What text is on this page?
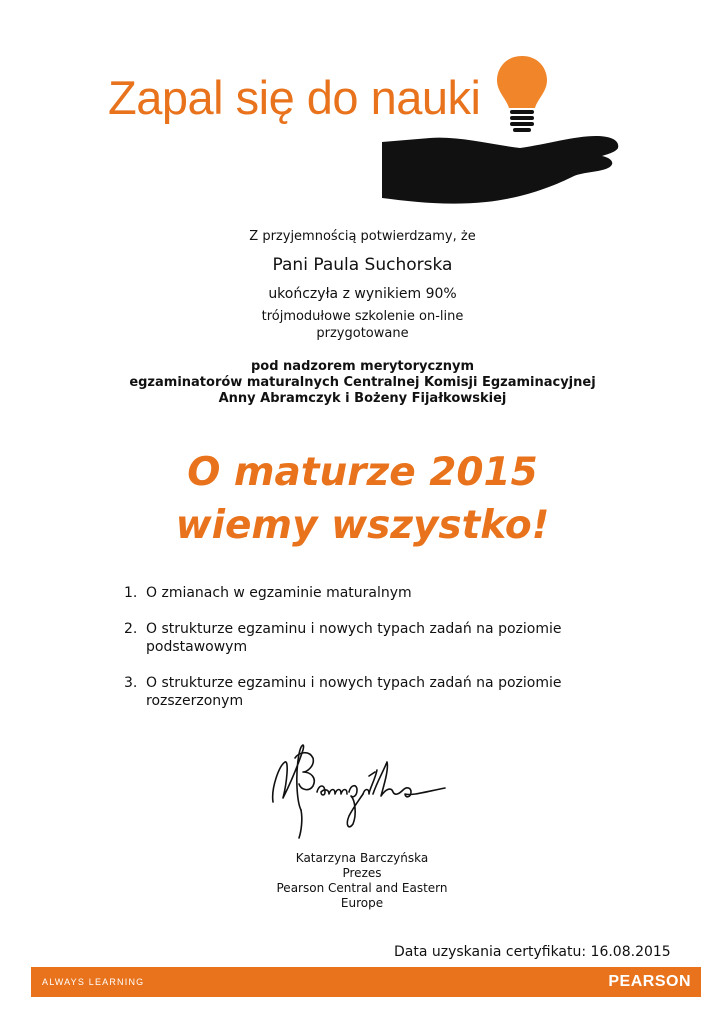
Zapal się do nauki
Z przyjemnością potwierdzamy, że
Pani Paula Suchorska
ukończyła z wynikiem 90%
trójmodułowe szkolenie on-line
przygotowane
pod nadzorem merytorycznym
egzaminatorów maturalnych Centralnej Komisji Egzaminacyjnej
Anny Abramczyk i Bożeny Fijałkowskiej
O maturze 2015
wiemy wszystko!
1. O zmianach w egzaminie maturalnym
2. O strukturze egzaminu i nowych typach zadań na poziomie podstawowym
3. O strukturze egzaminu i nowych typach zadań na poziomie rozszerzonym
Katarzyna Barczyńska
Prezes
Pearson Central and Eastern
Europe
Data uzyskania certyfikatu: 16.08.2015
ALWAYS LEARNING	PEARSON
